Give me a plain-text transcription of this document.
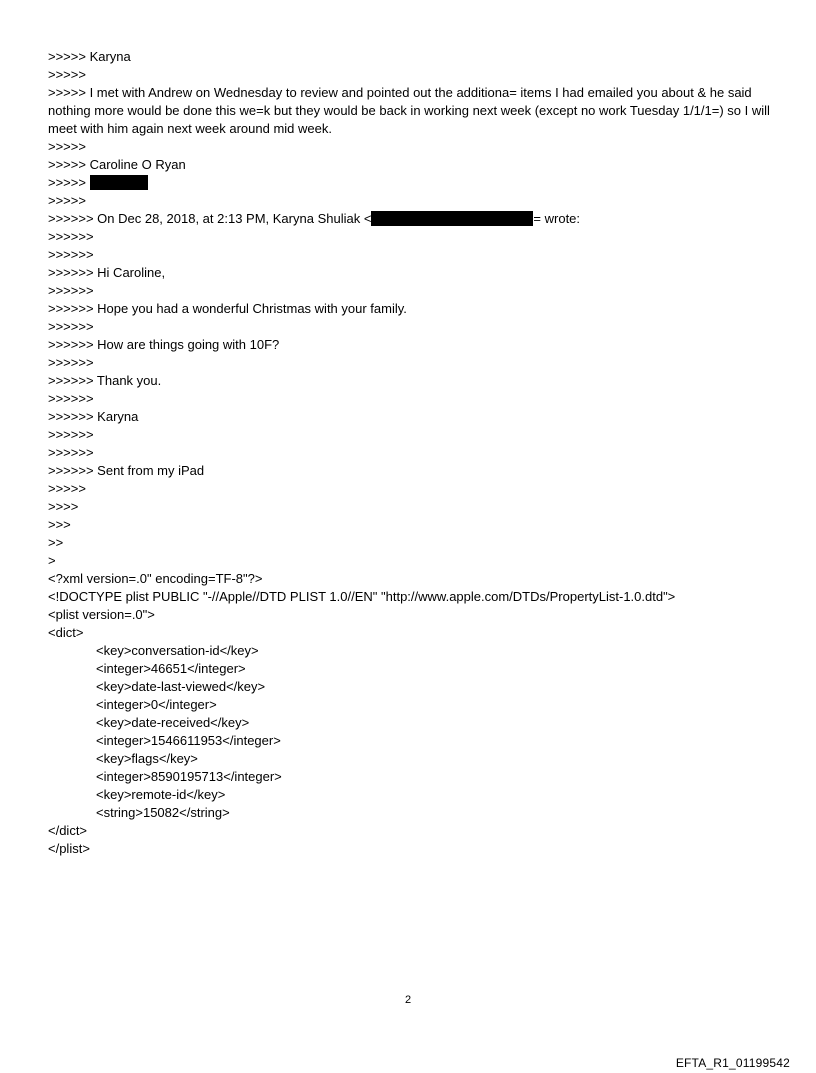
>>>>> Karyna
>>>>>
>>>>> I met with Andrew on Wednesday to review and pointed out the additiona= items I had emailed you about & he said nothing more would be done this we=k but they would be back in working next week (except no work Tuesday 1/1/1=) so I will meet with him again next week around mid week.
>>>>>
>>>>> Caroline O Ryan
>>>>>
>>>>>
>>>>>> On Dec 28, 2018, at 2:13 PM, Karyna Shuliak <	= wrote:
>>>>>>
>>>>>>
>>>>>> Hi Caroline,
>>>>>>
>>>>>> Hope you had a wonderful Christmas with your family.
>>>>>>
>>>>>> How are things going with 10F?
>>>>>>
>>>>>> Thank you.
>>>>>>
>>>>>> Karyna
>>>>>>
>>>>>>
>>>>>> Sent from my iPad
>>>>>
>>>>
>>>
>>
>
<?xml version=.0" encoding=TF-8"?>
<!DOCTYPE plist PUBLIC "-//Apple//DTD PLIST 1.0//EN" "http://www.apple.com/DTDs/PropertyList-1.0.dtd">
<plist version=.0">
<dict>
<key>conversation-id</key>
<integer>46651</integer>
<key>date-last-viewed</key>
<integer>0</integer>
<key>date-received</key>
<integer>1546611953</integer>
<key>flags</key>
<integer>8590195713</integer>
<key>remote-id</key>
<string>15082</string>
</dict>
</plist>
2
EFTA_R1_01199542
